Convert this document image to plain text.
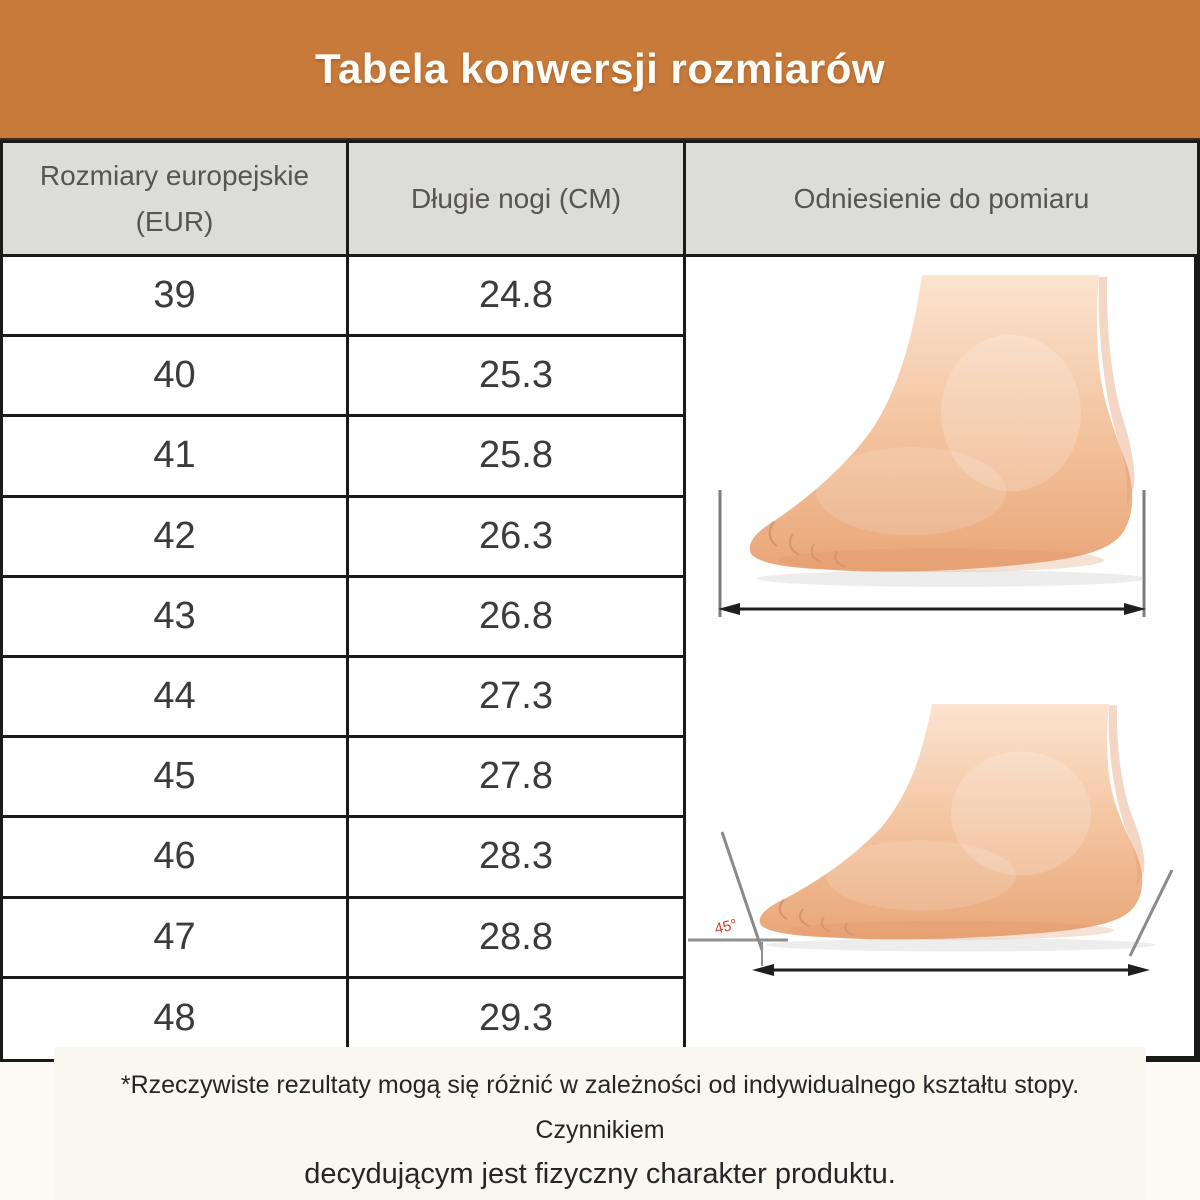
Tabela konwersji rozmiarów
Rozmiary europejskie
(EUR)
Długie nogi (CM)	Odniesienie do pomiaru
45°
39	24.8
40	25.3
41	25.8
42	26.3
43	26.8
44	27.3
45	27.8
46	28.3
47	28.8
48	29.3
*Rzeczywiste rezultaty mogą się różnić w zależności od indywidualnego kształtu stopy. Czynnikiem
decydującym jest fizyczny charakter produktu.
